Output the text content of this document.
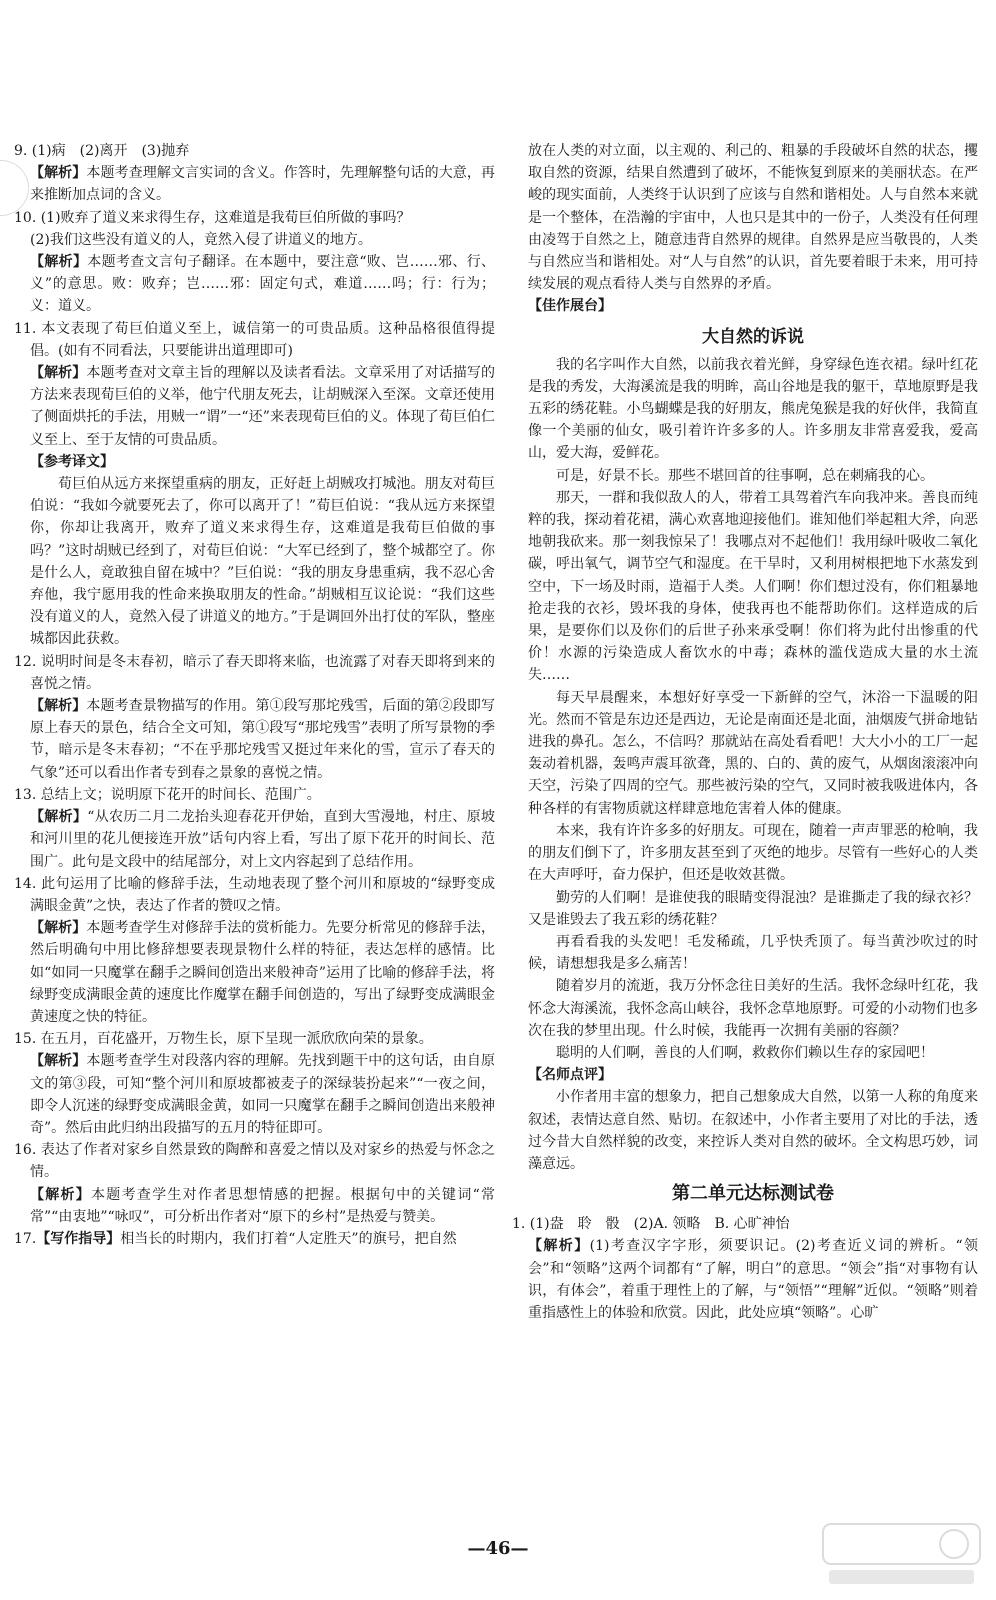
9. (1)病　(2)离开　(3)抛弃

【解析】本题考查理解文言实词的含义。作答时，先理解整句话的大意，再来推断加点词的含义。

10. (1)败弃了道义来求得生存，这难道是我荀巨伯所做的事吗？

(2)我们这些没有道义的人，竟然入侵了讲道义的地方。

【解析】本题考查文言句子翻译。在本题中，要注意“败、岂……邪、行、义”的意思。败：败弃；岂……邪：固定句式，难道……吗；行：行为；义：道义。

11. 本文表现了荀巨伯道义至上，诚信第一的可贵品质。这种品格很值得提倡。(如有不同看法，只要能讲出道理即可)

【解析】本题考查对文章主旨的理解以及读者看法。文章采用了对话描写的方法来表现荀巨伯的义举，他宁代朋友死去，让胡贼深入至深。文章还使用了侧面烘托的手法，用贼一“谓”一“还”来表现荀巨伯的义。体现了荀巨伯仁义至上、至于友情的可贵品质。

【参考译文】

荀巨伯从远方来探望重病的朋友，正好赶上胡贼攻打城池。朋友对荀巨伯说：“我如今就要死去了，你可以离开了！”荀巨伯说：“我从远方来探望你，你却让我离开，败弃了道义来求得生存，这难道是我荀巨伯做的事吗？”这时胡贼已经到了，对荀巨伯说：“大军已经到了，整个城都空了。你是什么人，竟敢独自留在城中？”巨伯说：“我的朋友身患重病，我不忍心舍弃他，我宁愿用我的性命来换取朋友的性命。”胡贼相互议论说：“我们这些没有道义的人，竟然入侵了讲道义的地方。”于是调回外出打仗的军队，整座城都因此获救。

12. 说明时间是冬末春初，暗示了春天即将来临，也流露了对春天即将到来的喜悦之情。

【解析】本题考查景物描写的作用。第①段写那坨残雪，后面的第②段即写原上春天的景色，结合全文可知，第①段写“那坨残雪”表明了所写景物的季节，暗示是冬末春初；“不在乎那坨残雪又挺过年来化的雪，宣示了春天的气象”还可以看出作者专到春之景象的喜悦之情。

13. 总结上文；说明原下花开的时间长、范围广。

【解析】“从农历二月二龙抬头迎春花开伊始，直到大雪漫地，村庄、原坡和河川里的花儿便接连开放”话句内容上看，写出了原下花开的时间长、范围广。此句是文段中的结尾部分，对上文内容起到了总结作用。

14. 此句运用了比喻的修辞手法，生动地表现了整个河川和原坡的“绿野变成满眼金黄”之快，表达了作者的赞叹之情。

【解析】本题考查学生对修辞手法的赏析能力。先要分析常见的修辞手法，然后明确句中用比修辞想要表现景物什么样的特征，表达怎样的感情。比如“如同一只魔掌在翻手之瞬间创造出来般神奇”运用了比喻的修辞手法，将绿野变成满眼金黄的速度比作魔掌在翻手间创造的，写出了绿野变成满眼金黄速度之快的特征。

15. 在五月，百花盛开，万物生长，原下呈现一派欣欣向荣的景象。

【解析】本题考查学生对段落内容的理解。先找到题干中的这句话，由自原文的第③段，可知“整个河川和原坡都被麦子的深绿装扮起来”“一夜之间，即令人沉迷的绿野变成满眼金黄，如同一只魔掌在翻手之瞬间创造出来般神奇”。然后由此归纳出段描写的五月的特征即可。

16. 表达了作者对家乡自然景致的陶醉和喜爱之情以及对家乡的热爱与怀念之情。

【解析】本题考查学生对作者思想情感的把握。根据句中的关键词“常常”“由衷地”“咏叹”，可分析出作者对“原下的乡村”是热爱与赞美。

17.【写作指导】相当长的时期内，我们打着“人定胜天”的旗号，把自然

放在人类的对立面，以主观的、利己的、粗暴的手段破坏自然的状态，攫取自然的资源，结果自然遭到了破坏，不能恢复到原来的美丽状态。在严峻的现实面前，人类终于认识到了应该与自然和谐相处。人与自然本来就是一个整体，在浩瀚的宇宙中，人也只是其中的一份子，人类没有任何理由凌驾于自然之上，随意违背自然界的规律。自然界是应当敬畏的，人类与自然应当和谐相处。对“人与自然”的认识，首先要着眼于未来，用可持续发展的观点看待人类与自然界的矛盾。

【佳作展台】

大自然的诉说

我的名字叫作大自然，以前我衣着光鲜，身穿绿色连衣裙。绿叶红花是我的秀发，大海溪流是我的明眸，高山谷地是我的躯干，草地原野是我五彩的绣花鞋。小鸟蝴蝶是我的好朋友，熊虎兔猴是我的好伙伴，我简直像一个美丽的仙女，吸引着许许多多的人。许多朋友非常喜爱我，爱高山，爱大海，爱鲜花。

可是，好景不长。那些不堪回首的往事啊，总在刺痛我的心。

那天，一群和我似敌人的人，带着工具驾着汽车向我冲来。善良而纯粹的我，探动着花裙，满心欢喜地迎接他们。谁知他们举起粗大斧，向恶地朝我砍来。那一刻我惊呆了！我哪点对不起他们！我用绿叶吸收二氧化碳，呼出氧气，调节空气和湿度。在干旱时，又利用树根把地下水蒸发到空中，下一场及时雨，造福于人类。人们啊！你们想过没有，你们粗暴地抢走我的衣衫，毁坏我的身体，使我再也不能帮助你们。这样造成的后果，是要你们以及你们的后世子孙来承受啊！你们将为此付出惨重的代价！水源的污染造成人畜饮水的中毒；森林的滥伐造成大量的水土流失……

每天早晨醒来，本想好好享受一下新鲜的空气，沐浴一下温暖的阳光。然而不管是东边还是西边，无论是南面还是北面，油烟废气拼命地钻进我的鼻孔。怎么，不信吗？那就站在高处看看吧！大大小小的工厂一起轰动着机器，轰鸣声震耳欲聋，黑的、白的、黄的废气，从烟囱滚滚冲向天空，污染了四周的空气。那些被污染的空气，又同时被我吸进体内，各种各样的有害物质就这样肆意地危害着人体的健康。

本来，我有许许多多的好朋友。可现在，随着一声声罪恶的枪响，我的朋友们倒下了，许多朋友甚至到了灭绝的地步。尽管有一些好心的人类在大声呼吁，奋力保护，但还是收效甚微。

勤劳的人们啊！是谁使我的眼睛变得混浊？是谁撕走了我的绿衣衫？又是谁毁去了我五彩的绣花鞋？

再看看我的头发吧！毛发稀疏，几乎快秃顶了。每当黄沙吹过的时候，请想想我是多么痛苦！

随着岁月的流逝，我万分怀念往日美好的生活。我怀念绿叶红花，我怀念大海溪流，我怀念高山峡谷，我怀念草地原野。可爱的小动物们也多次在我的梦里出现。什么时候，我能再一次拥有美丽的容颜？

聪明的人们啊，善良的人们啊，救救你们赖以生存的家园吧！

【名师点评】

小作者用丰富的想象力，把自己想象成大自然，以第一人称的角度来叙述，表情达意自然、贴切。在叙述中，小作者主要用了对比的手法，透过今昔大自然样貌的改变，来控诉人类对自然的破坏。全文构思巧妙，词藻意远。

第二单元达标测试卷

1. (1)盎　聆　骰　(2)A. 领略　B. 心旷神怡

【解析】(1)考查汉字字形，须要识记。(2)考查近义词的辨析。“领会”和“领略”这两个词都有“了解，明白”的意思。“领会”指“对事物有认识，有体会”，着重于理性上的了解，与“领悟”“理解”近似。“领略”则着重指感性上的体验和欣赏。因此，此处应填“领略”。心旷

—46—
